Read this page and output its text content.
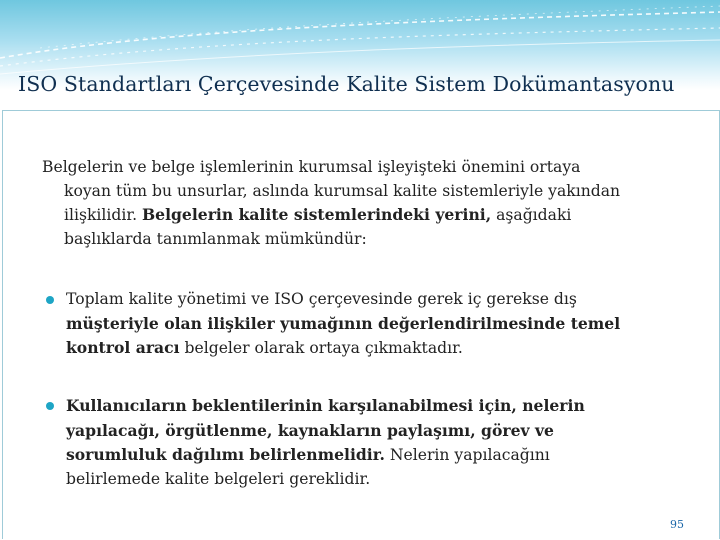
ISO Standartları Çerçevesinde Kalite Sistem Dokümantasyonu
Belgelerin ve belge işlemlerinin kurumsal işleyişteki önemini ortaya
koyan tüm bu unsurlar, aslında kurumsal kalite sistemleriyle yakından
ilişkilidir. Belgelerin kalite sistemlerindeki yerini, aşağıdaki
başlıklarda tanımlanmak mümkündür:
Toplam kalite yönetimi ve ISO çerçevesinde gerek iç gerekse dış
müşteriyle olan ilişkiler yumağının değerlendirilmesinde temel
kontrol aracı belgeler olarak ortaya çıkmaktadır.
Kullanıcıların beklentilerinin karşılanabilmesi için, nelerin
yapılacağı, örgütlenme, kaynakların paylaşımı, görev ve
sorumluluk dağılımı belirlenmelidir. Nelerin yapılacağını
belirlemede kalite belgeleri gereklidir.
95
